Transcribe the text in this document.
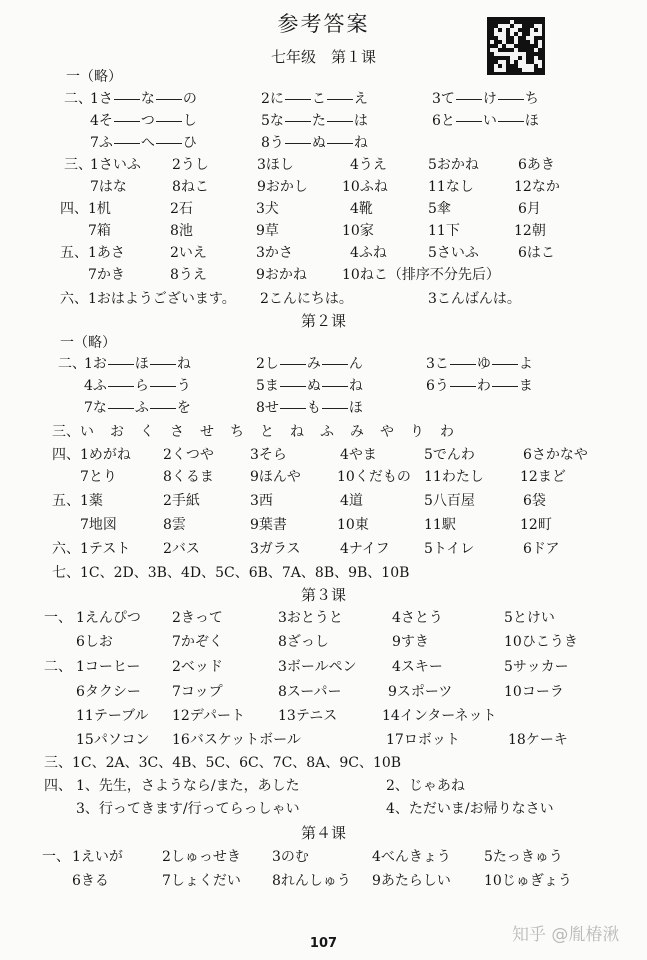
参考答案
七年级　第１课
一（略）
二、
1さ な の	2に こ え	3て け ち
4そ つ し	5な た は	6と い ほ
7ふ へ ひ	8う ぬ ね
三、
1さいふ 2うし	3ほし	4うえ	5おかね	6あき
7はな	8ねこ	9おかし 10ふね	11なし	12なか
四、 1机	2石	3犬	4靴	5傘	6月
7箱	8池	9草	10家	11下	12朝
五、 1あさ	2いえ	3かさ	4ふね	5さいふ	6はこ
7かき	8うえ	9おかね	10ねこ（排序不分先后）
六、 1おはようございます。 2こんにちは。	3こんばんは。
第２课
一（略）
二、
1お ほ ね	2し み ん	3こ ゆ よ
4ふ ら う	5ま ぬ ね	6う わ ま
7な ふ を	8せ も ほ
三、 い お く さ せ ち と ね ふ み や り わ
四、 1めがね 2くつや	3そら	4やま	5でんわ	6さかなや
7とり	8くるま	9ほんや	10くだもの 11わたし	12まど
五、 1薬	2手紙	3西	4道	5八百屋	6袋
7地図	8雲	9葉書	10東	11駅	12町
六、 1テスト 2バス	3ガラス	4ナイフ 5トイレ	6ドア
七、1C、2D、3B、4D、5C、6B、7A、8B、9B、10B
第３课
一、 1えんぴつ 2きって	3おとうと	4さとう	5とけい
6しお	7かぞく	8ざっし	9すき	10ひこうき
二、 1コーヒー 2ベッド	3ボールペン	4スキー	5サッカー
6タクシー 7コップ	8スーパー	9スポーツ	10コーラ
11テーブル 12デパート 13テニス	14インターネット
15パソコン 16バスケットボール	17ロボット	18ケーキ
三、1C、2A、3C、4B、5C、6C、7C、8A、9C、10B
四、 1、先生，さようなら/また，あした	2、じゃあね
3、行ってきます/行ってらっしゃい	4、ただいま/お帰りなさい
第４课
一、 1えいが	2しゅっせき 3のむ	4べんきょう 5たっきゅう
6きる	7しょくだい 8れんしゅう 9あたらしい 10じゅぎょう
知乎 @胤椿湫
107
